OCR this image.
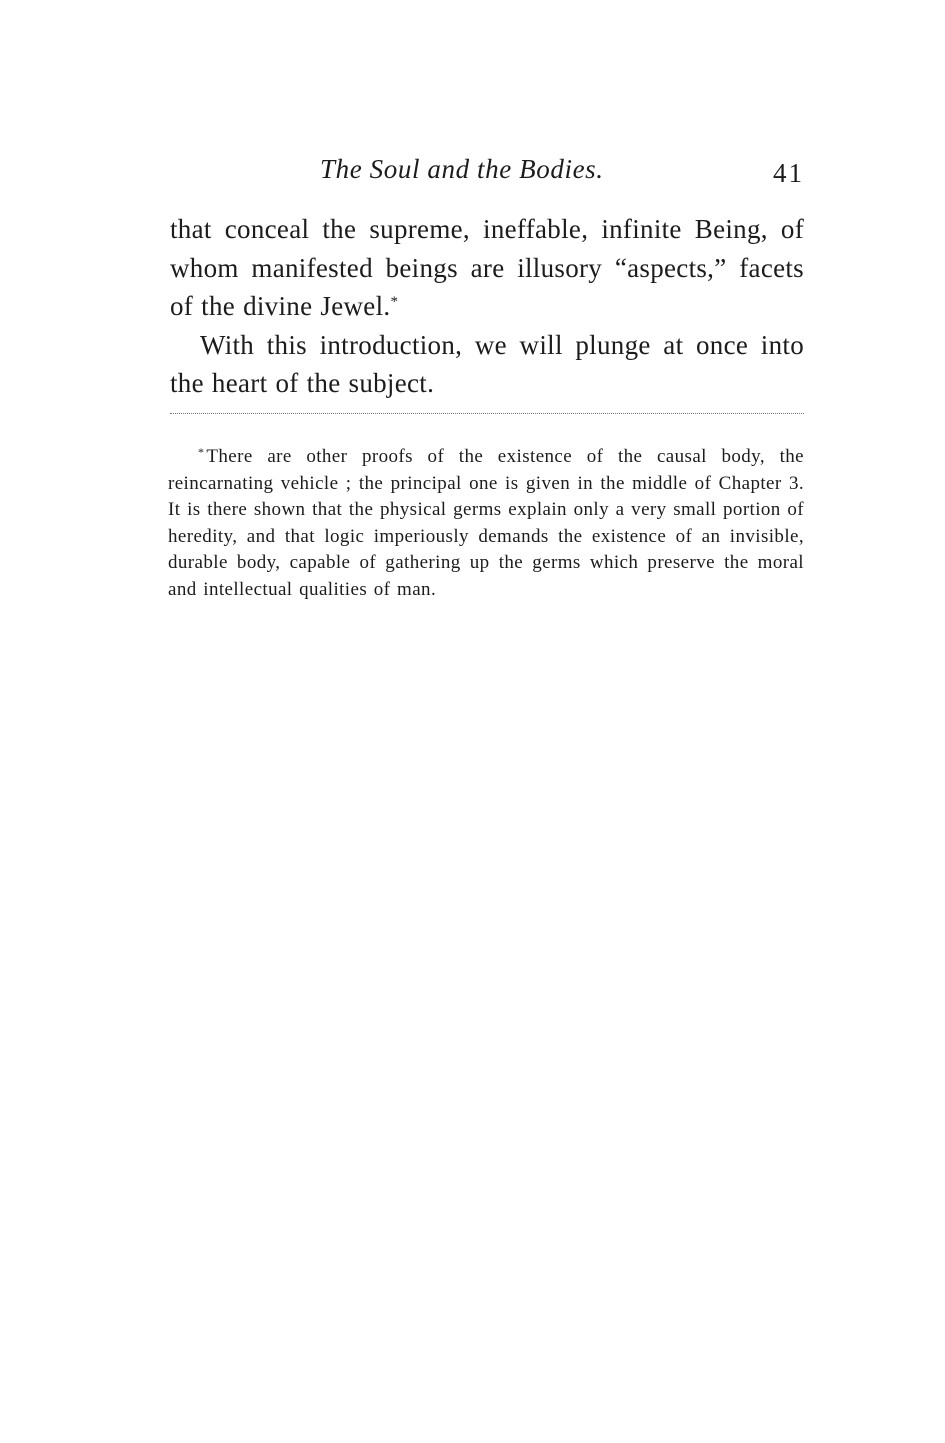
The Soul and the Bodies.	41

that conceal the supreme, ineffable, infinite Being, of whom manifested beings are illusory “aspects,” facets of the divine Jewel.*

With this introduction, we will plunge at once into the heart of the subject.

* There are other proofs of the existence of the causal body, the reincarnating vehicle ; the principal one is given in the middle of Chapter 3. It is there shown that the physical germs explain only a very small portion of heredity, and that logic imperiously demands the existence of an invisible, durable body, capable of gathering up the germs which preserve the moral and intellectual qualities of man.
